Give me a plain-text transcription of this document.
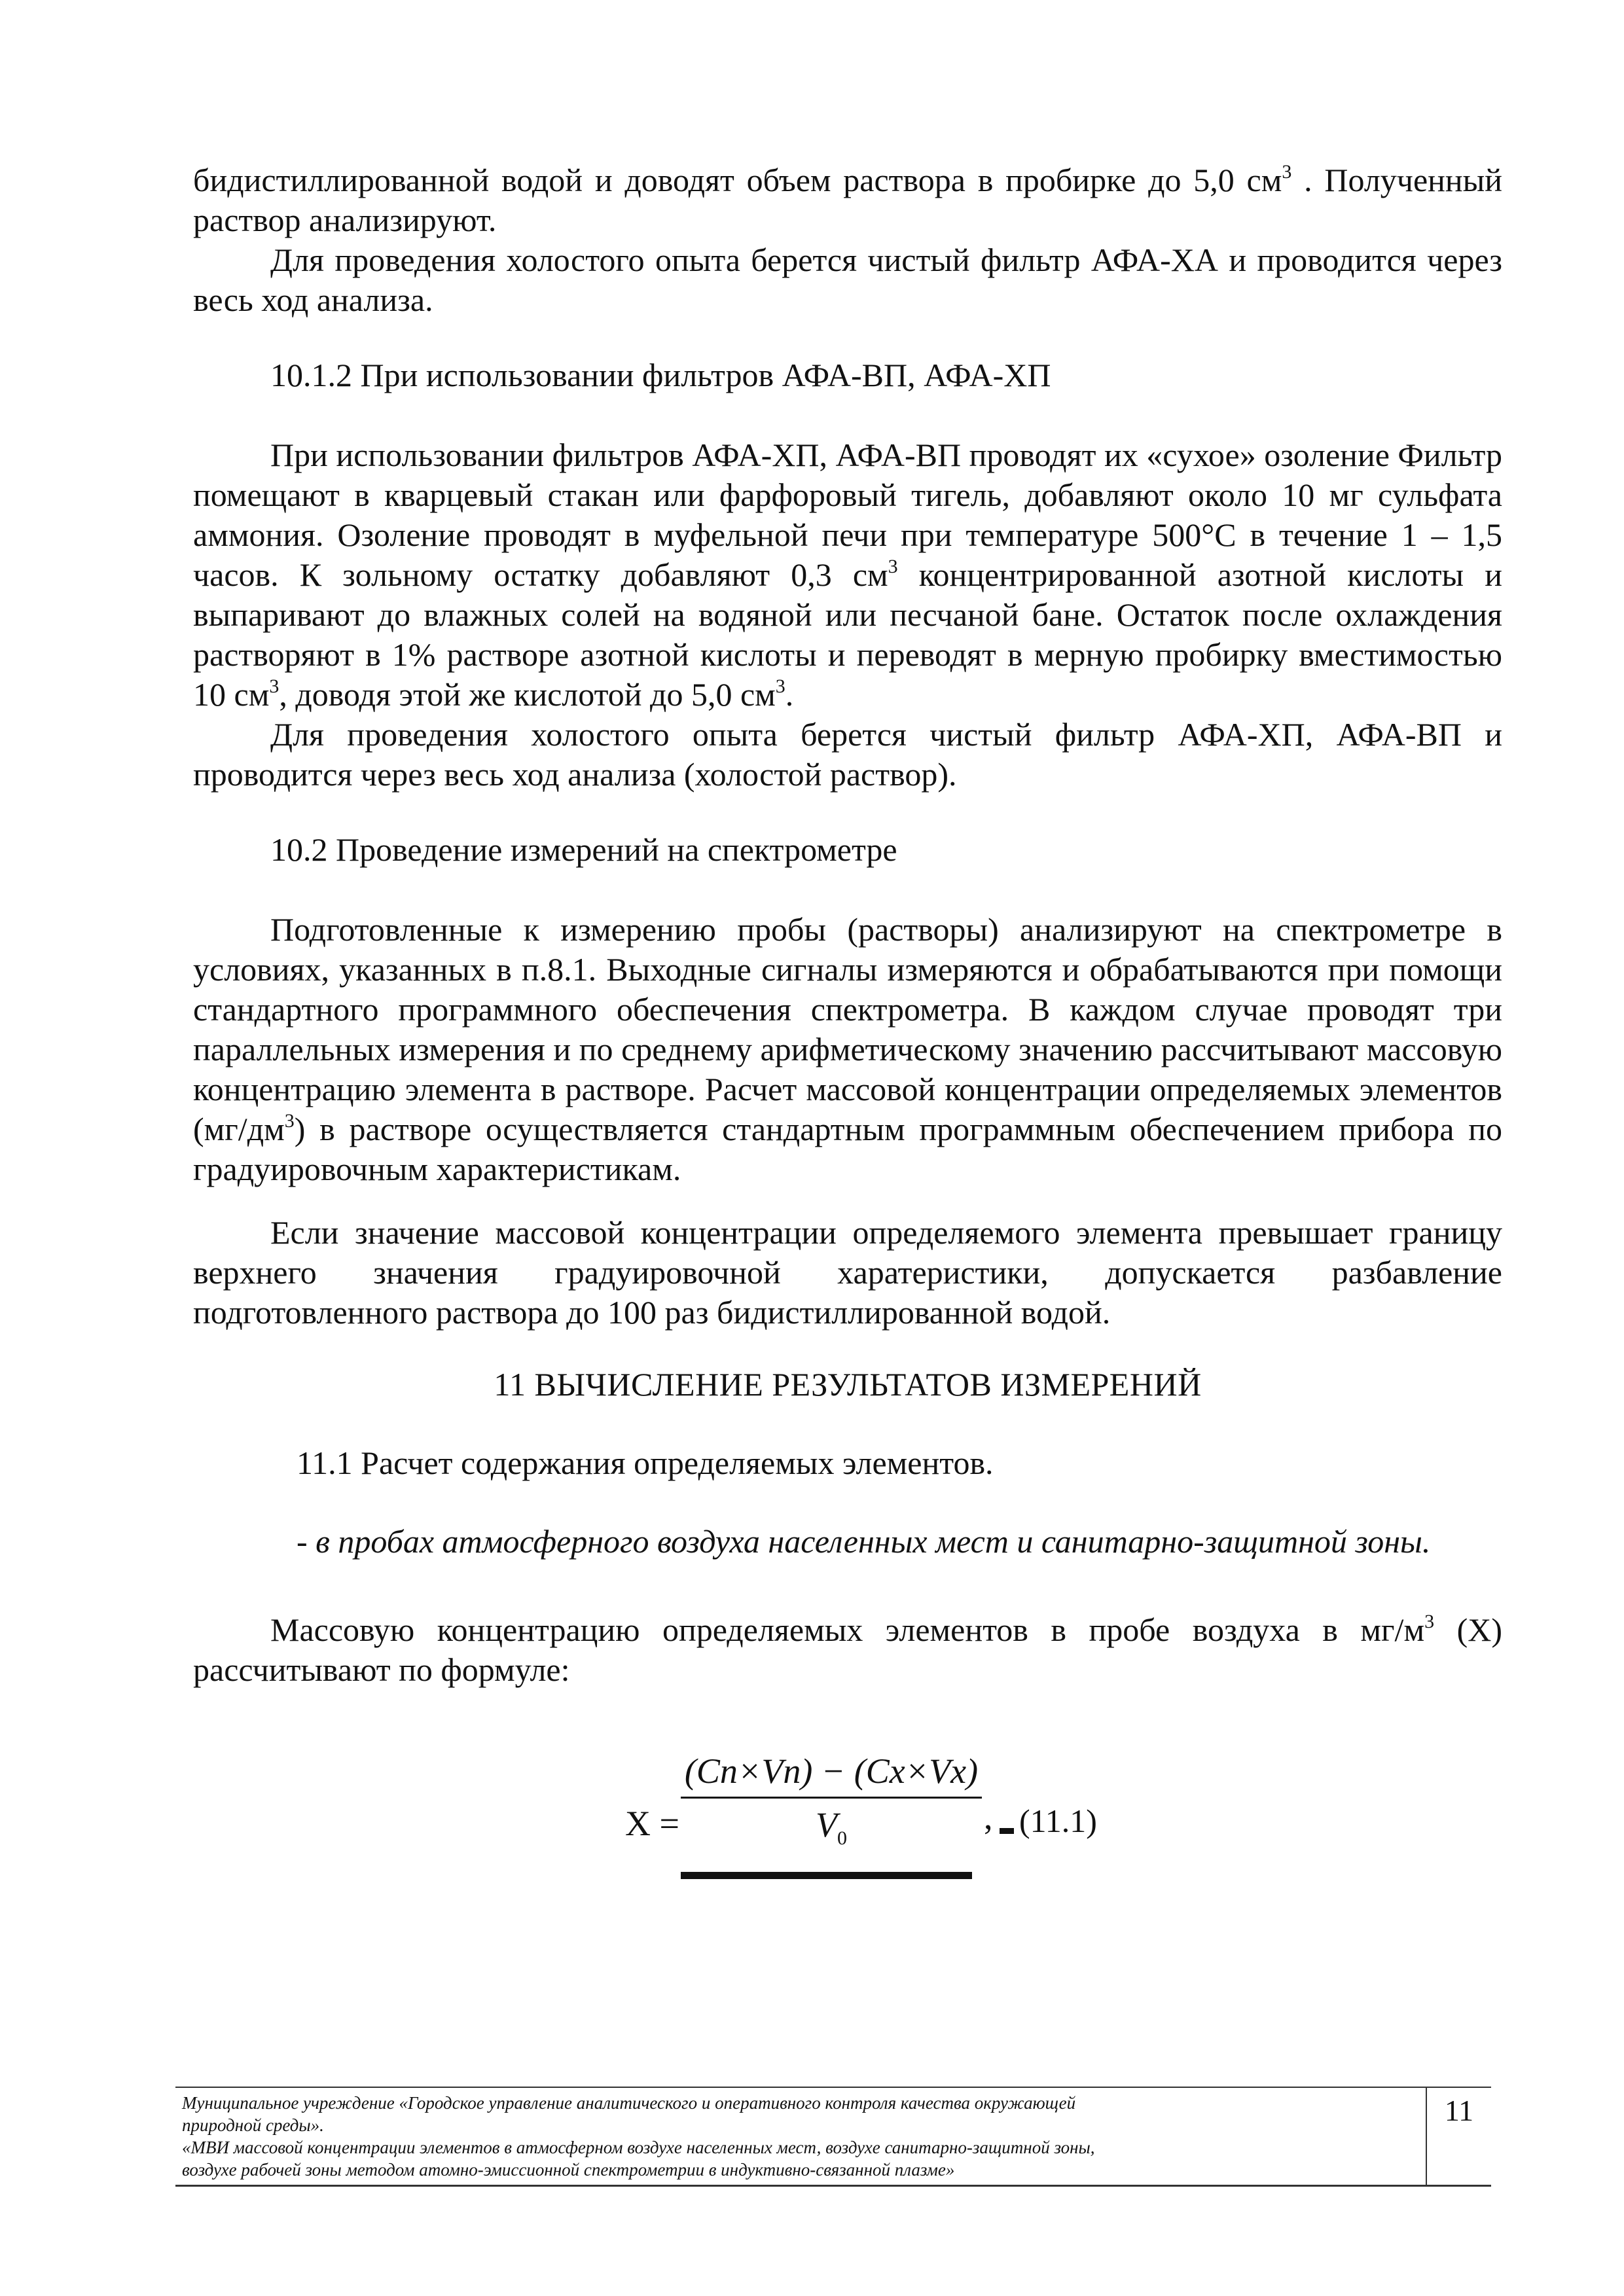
бидистиллированной водой и доводят объем раствора в пробирке до 5,0 $см^3$ . Полученный раствор анализируют.

Для проведения холостого опыта берется чистый фильтр АФА-ХА и проводится через весь ход анализа.

10.1.2 При использовании фильтров АФА-ВП, АФА-ХП

При использовании фильтров АФА-ХП, АФА-ВП проводят их «сухое» озоление Фильтр помещают в кварцевый стакан или фарфоровый тигель, добавляют около 10 мг сульфата аммония. Озоление проводят в муфельной печи при температуре 500°С в течение 1 – 1,5 часов. К зольному остатку добавляют 0,3 $см^3$ концентрированной азотной кислоты и выпаривают до влажных солей на водяной или песчаной бане. Остаток после охлаждения растворяют в 1% растворе азотной кислоты и переводят в мерную пробирку вместимостью 10 $см^3$, доводя этой же кислотой до 5,0 $см^3$.

Для проведения холостого опыта берется чистый фильтр АФА-ХП, АФА-ВП и проводится через весь ход анализа (холостой раствор).

10.2 Проведение измерений на спектрометре

Подготовленные к измерению пробы (растворы) анализируют на спектрометре в условиях, указанных в п.8.1. Выходные сигналы измеряются и обрабатываются при помощи стандартного программного обеспечения спектрометра. В каждом случае проводят три параллельных измерения и по среднему арифметическому значению рассчитывают массовую концентрацию элемента в растворе. Расчет массовой концентрации определяемых элементов $(мг/дм^3)$ в растворе осуществляется стандартным программным обеспечением прибора по градуировочным характеристикам.

Если значение массовой концентрации определяемого элемента превышает границу верхнего значения градуировочной харатеристики, допускается разбавление подготовленного раствора до 100 раз бидистиллированной водой.

11 ВЫЧИСЛЕНИЕ РЕЗУЛЬТАТОВ ИЗМЕРЕНИЙ

11.1 Расчет содержания определяемых элементов.

- в пробах атмосферного воздуха населенных мест и санитарно-защитной зоны.

Массовую концентрацию определяемых элементов в пробе воздуха в $мг/м^3$ (Х) рассчитывают по формуле:

Х =
(Cn×Vn) − (Cx×Vx)
$V_0$
, (11.1)
Муниципальное учреждение «Городское управление аналитического и оперативного контроля качества окружающей
природной среды».
«МВИ массовой концентрации элементов в атмосферном воздухе населенных мест, воздухе санитарно-защитной зоны,
воздухе рабочей зоны методом атомно-эмиссионной спектрометрии в индуктивно-связанной плазме»
11
